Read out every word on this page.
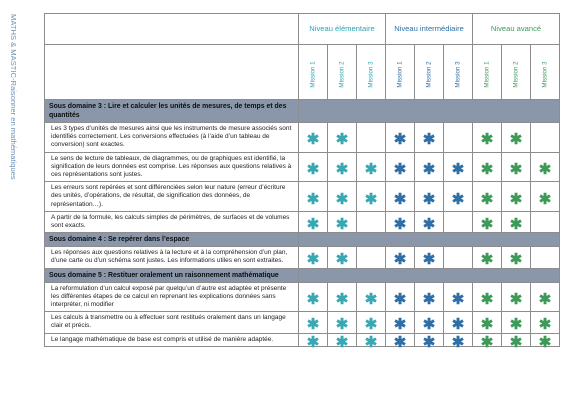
MATHS & MASTIC-Raisonner en mathématiques
	Niveau élémentaire			Niveau intermédiaire			Niveau avancé		
	Mission 1	Mission 2	Mission 3	Mission 1	Mission 2	Mission 3	Mission 1	Mission 2	Mission 3
Sous domaine 3 : Lire et calculer les unités de mesures, de temps et des quantités									
Les 3 types d’unités de mesures ainsi que les instruments de mesure associés sont identifiés correctement. Les conversions effectuées (à l’aide d’un tableau de conversion) sont exactes.	✱	✱		✱	✱		✱	✱	
Le sens de lecture de tableaux, de diagrammes, ou de graphiques est identifié, la signification de leurs données est comprise. Les réponses aux questions relatives à ces représentations sont justes.	✱	✱	✱	✱	✱	✱	✱	✱	✱
Les erreurs sont repérées et sont différenciées selon leur nature (erreur d’écriture des unités, d’opérations, de résultat, de signification des données, de représentation…).	✱	✱	✱	✱	✱	✱	✱	✱	✱
A partir de la formule, les calculs simples de périmètres, de surfaces et de volumes sont exacts.	✱	✱		✱	✱		✱	✱	
Sous domaine 4 : Se repérer dans l’espace									
Les réponses aux questions relatives à la lecture et à la compréhension d’un plan, d’une carte ou d’un schéma sont justes. Les informations utiles en sont extraites.	✱	✱		✱	✱		✱	✱	
Sous domaine 5 : Restituer oralement un raisonnement mathématique									
La reformulation d’un calcul exposé par quelqu’un d’autre est adaptée et présente les différentes étapes de ce calcul en reprenant les explications données sans interpréter, ni modifier	✱	✱	✱	✱	✱	✱	✱	✱	✱
Les calculs à transmettre ou à effectuer sont restitués oralement dans un langage clair et précis.	✱	✱	✱	✱	✱	✱	✱	✱	✱
Le langage mathématique de base est compris et utilisé de manière adaptée.	✱	✱	✱	✱	✱	✱	✱	✱	✱
